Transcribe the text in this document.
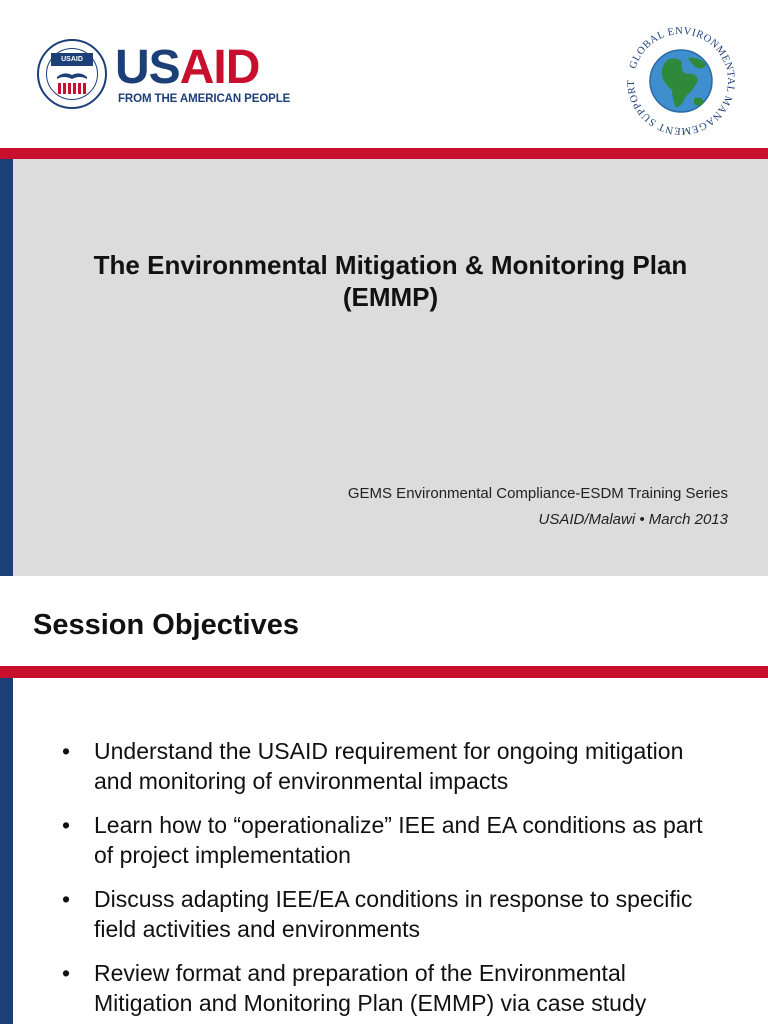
USAID USAID
FROM THE AMERICAN PEOPLE
GLOBAL ENVIRONMENTAL MANAGEMENT SUPPORT
The Environmental Mitigation & Monitoring Plan
(EMMP)
GEMS Environmental Compliance-ESDM Training Series
USAID/Malawi • March 2013
Session Objectives
• Understand the USAID requirement for ongoing mitigation and monitoring of environmental impacts
• Learn how to “operationalize” IEE and EA conditions as part of project implementation
• Discuss adapting IEE/EA conditions in response to specific field activities and environments
• Review format and preparation of the Environmental Mitigation and Monitoring Plan (EMMP) via case study
